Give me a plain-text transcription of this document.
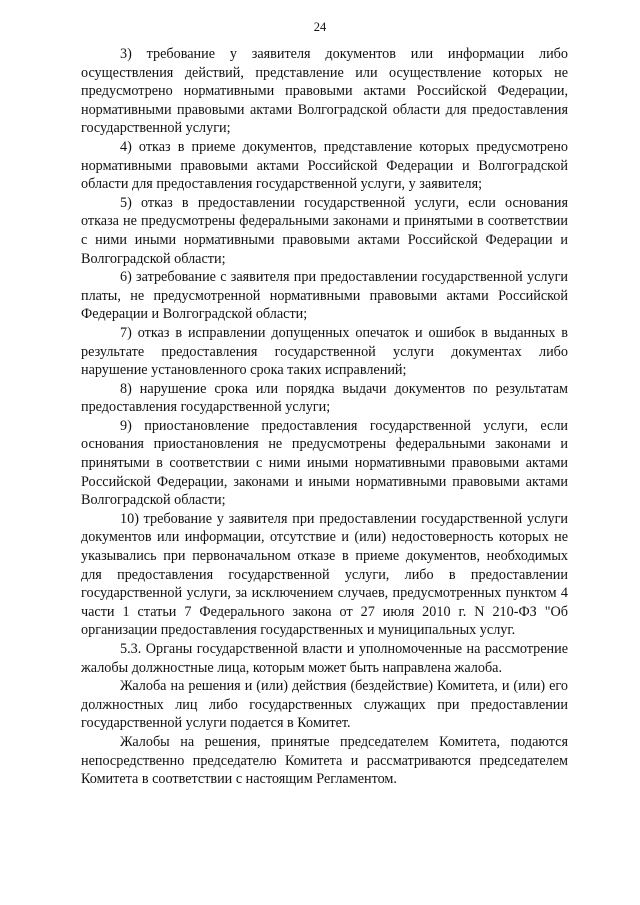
24

3) требование у заявителя документов или информации либо осуществления действий, представление или осуществление которых не предусмотрено нормативными правовыми актами Российской Федерации, нормативными правовыми актами Волгоградской области для предоставления государственной услуги;

4) отказ в приеме документов, представление которых предусмотрено нормативными правовыми актами Российской Федерации и Волгоградской области для предоставления государственной услуги, у заявителя;

5) отказ в предоставлении государственной услуги, если основания отказа не предусмотрены федеральными законами и принятыми в соответствии с ними иными нормативными правовыми актами Российской Федерации и Волгоградской области;

6) затребование с заявителя при предоставлении государственной услуги платы, не предусмотренной нормативными правовыми актами Российской Федерации и Волгоградской области;

7) отказ в исправлении допущенных опечаток и ошибок в выданных в результате предоставления государственной услуги документах либо нарушение установленного срока таких исправлений;

8) нарушение срока или порядка выдачи документов по результатам предоставления государственной услуги;

9) приостановление предоставления государственной услуги, если основания приостановления не предусмотрены федеральными законами и принятыми в соответствии с ними иными нормативными правовыми актами Российской Федерации, законами и иными нормативными правовыми актами Волгоградской области;

10) требование у заявителя при предоставлении государственной услуги документов или информации, отсутствие и (или) недостоверность которых не указывались при первоначальном отказе в приеме документов, необходимых для предоставления государственной услуги, либо в предоставлении государственной услуги, за исключением случаев, предусмотренных пунктом 4 части 1 статьи 7 Федерального закона от 27 июля 2010 г. N 210-ФЗ "Об организации предоставления государственных и муниципальных услуг.

5.3. Органы государственной власти и уполномоченные на рассмотрение жалобы должностные лица, которым может быть направлена жалоба.

Жалоба на решения и (или) действия (бездействие) Комитета, и (или) его должностных лиц либо государственных служащих при предоставлении государственной услуги подается в Комитет.

Жалобы на решения, принятые председателем Комитета, подаются непосредственно председателю Комитета и рассматриваются председателем Комитета в соответствии с настоящим Регламентом.
